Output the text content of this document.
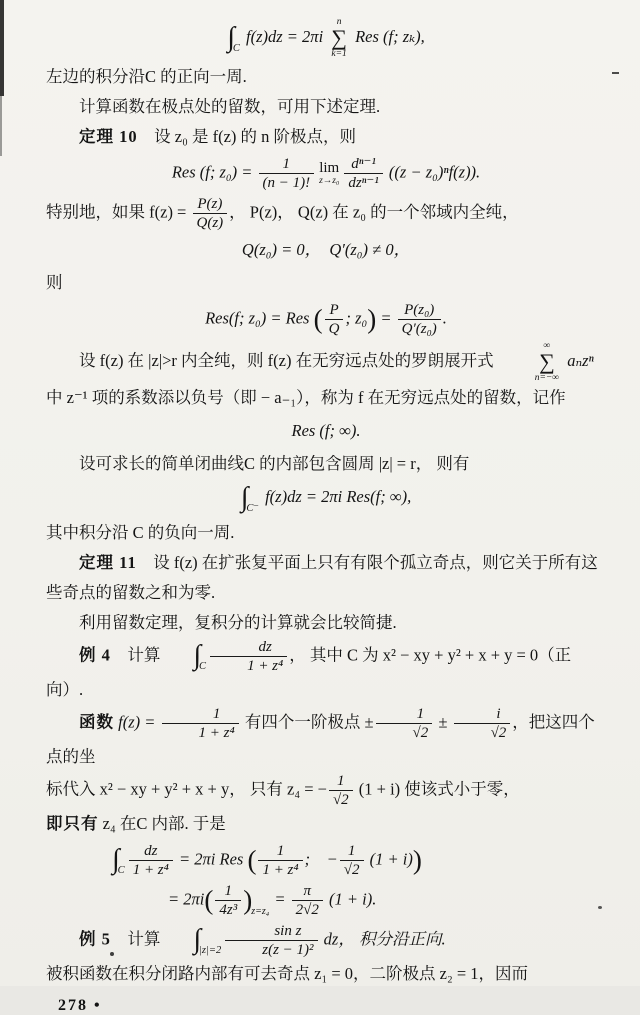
$\int_C$ f(z)dz = 2πi
n
∑
k=1
Res (f; zₖ),

左边的积分沿C 的正向一周.

计算函数在极点处的留数，可用下述定理.

定理 10　设 z₀ 是 f(z) 的 n 阶极点，则

Res (f; $z_0) = \frac{1}{(n - 1)!}$ lim
$z\to z_0 \frac{\text{dⁿ⁻¹}}{\text{dzⁿ⁻¹}} ((z - z_0)^nf(z))$.

特别地，如果 $f(z) = \frac{P(z)}{Q(z)}$ ， P(z)， Q(z) 在 z₀ 的一个邻域内全纯，

Q(z₀) = 0，　Q′(z₀) ≠ 0，

则

Res(f; z₀) = Res ( $\frac{P}{Q}$ ; $z_0) = \frac{\text{P(z₀)}}{\text{Q′(z₀)}}$ .

设 f(z) 在 |z|>r 内全纯，则 f(z) 在无穷远点处的罗朗展开式
∞
∑
n=−∞
aₙzⁿ

中 z⁻¹ 项的系数添以负号（即 − a₋₁），称为 f 在无穷远点处的留数，记作

Res (f; ∞).

设可求长的简单闭曲线C 的内部包含圆周 |z| = r， 则有

$\int_{C^-}$ f(z)dz = 2πi Res(f; ∞),

其中积分沿 C 的负向一周.

定理 11　设 f(z) 在扩张复平面上只有有限个孤立奇点，则它关于所有这些奇点的留数之和为零.

利用留数定理，复积分的计算就会比较简捷.

例 4　计算 $\int_C \frac{dz}{\text{1 + z⁴}}$ ， 其中 C 为 x² − xy + y² + x + y = 0（正向）.

函数 $f(z) = \frac{1}{\text{1 + z⁴}}$ 有四个一阶极点 ± $\frac{1}{√2} \pm \frac{i}{√2}$ ，把这四个点的坐

标代入 x² − xy + y² + x + y， 只有 z₄ = − $\frac{1}{√2} (1 + i)$ 使该式小于零，

即只有 z₄ 在C 内部. 于是

$\int_C \frac{dz}{\text{1 + z⁴}} = 2\pi i$ Res ( $\frac{1}{\text{1 + z⁴}}$ ;　− $\frac{1}{√2} (1 + i)$)
= $2\pi i( \frac{1}{\text{4z³}} )_{z=z_4} = \frac{\pi}{2√2} (1 + i)$.

例 5　计算 $\int_{|z|=2} \frac{\text{sin z}}{\text{z(z − 1)²}}$ dz， 积分沿正向.

被积函数在积分闭路内部有可去奇点 z₁ = 0，二阶极点 z₂ = 1，因而

278 •
